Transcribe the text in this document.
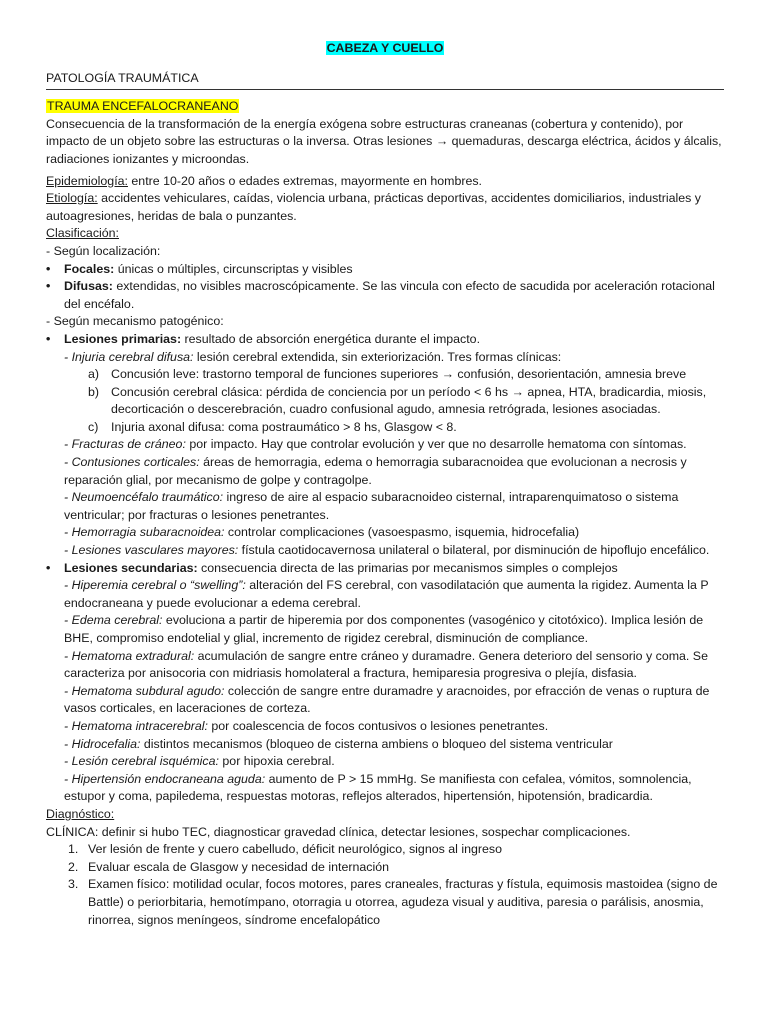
CABEZA Y CUELLO

PATOLOGÍA TRAUMÁTICA

TRAUMA ENCEFALOCRANEANO

Consecuencia de la transformación de la energía exógena sobre estructuras craneanas (cobertura y contenido), por impacto de un objeto sobre las estructuras o la inversa. Otras lesiones → quemaduras, descarga eléctrica, ácidos y álcalis, radiaciones ionizantes y microondas.

Epidemiología: entre 10-20 años o edades extremas, mayormente en hombres.

Etiología: accidentes vehiculares, caídas, violencia urbana, prácticas deportivas, accidentes domiciliarios, industriales y autoagresiones, heridas de bala o punzantes.

Clasificación:

- Según localización:

• Focales: únicas o múltiples, circunscriptas y visibles

• Difusas: extendidas, no visibles macroscópicamente. Se las vincula con efecto de sacudida por aceleración rotacional del encéfalo.

- Según mecanismo patogénico:

• Lesiones primarias: resultado de absorción energética durante el impacto.

- Injuria cerebral difusa: lesión cerebral extendida, sin exteriorización. Tres formas clínicas:

a) Concusión leve: trastorno temporal de funciones superiores → confusión, desorientación, amnesia breve

b) Concusión cerebral clásica: pérdida de conciencia por un período < 6 hs → apnea, HTA, bradicardia, miosis, decorticación o descerebración, cuadro confusional agudo, amnesia retrógrada, lesiones asociadas.

c) Injuria axonal difusa: coma postraumático > 8 hs, Glasgow < 8.

- Fracturas de cráneo: por impacto. Hay que controlar evolución y ver que no desarrolle hematoma con síntomas.

- Contusiones corticales: áreas de hemorragia, edema o hemorragia subaracnoidea que evolucionan a necrosis y reparación glial, por mecanismo de golpe y contragolpe.

- Neumoencéfalo traumático: ingreso de aire al espacio subaracnoideo cisternal, intraparenquimatoso o sistema ventricular; por fracturas o lesiones penetrantes.

- Hemorragia subaracnoidea: controlar complicaciones (vasoespasmo, isquemia, hidrocefalia)

- Lesiones vasculares mayores: fístula caotidocavernosa unilateral o bilateral, por disminución de hipoflujo encefálico.

• Lesiones secundarias: consecuencia directa de las primarias por mecanismos simples o complejos

- Hiperemia cerebral o “swelling”: alteración del FS cerebral, con vasodilatación que aumenta la rigidez. Aumenta la P endocraneana y puede evolucionar a edema cerebral.

- Edema cerebral: evoluciona a partir de hiperemia por dos componentes (vasogénico y citotóxico). Implica lesión de BHE, compromiso endotelial y glial, incremento de rigidez cerebral, disminución de compliance.

- Hematoma extradural: acumulación de sangre entre cráneo y duramadre. Genera deterioro del sensorio y coma. Se caracteriza por anisocoria con midriasis homolateral a fractura, hemiparesia progresiva o plejía, disfasia.

- Hematoma subdural agudo: colección de sangre entre duramadre y aracnoides, por efracción de venas o ruptura de vasos corticales, en laceraciones de corteza.

- Hematoma intracerebral: por coalescencia de focos contusivos o lesiones penetrantes.

- Hidrocefalia: distintos mecanismos (bloqueo de cisterna ambiens o bloqueo del sistema ventricular

- Lesión cerebral isquémica: por hipoxia cerebral.

- Hipertensión endocraneana aguda: aumento de P > 15 mmHg. Se manifiesta con cefalea, vómitos, somnolencia, estupor y coma, papiledema, respuestas motoras, reflejos alterados, hipertensión, hipotensión, bradicardia.

Diagnóstico:

CLÍNICA: definir si hubo TEC, diagnosticar gravedad clínica, detectar lesiones, sospechar complicaciones.

1. Ver lesión de frente y cuero cabelludo, déficit neurológico, signos al ingreso

2. Evaluar escala de Glasgow y necesidad de internación

3. Examen físico: motilidad ocular, focos motores, pares craneales, fracturas y fístula, equimosis mastoidea (signo de Battle) o periorbitaria, hemotímpano, otorragia u otorrea, agudeza visual y auditiva, paresia o parálisis, anosmia, rinorrea, signos meníngeos, síndrome encefalopático
